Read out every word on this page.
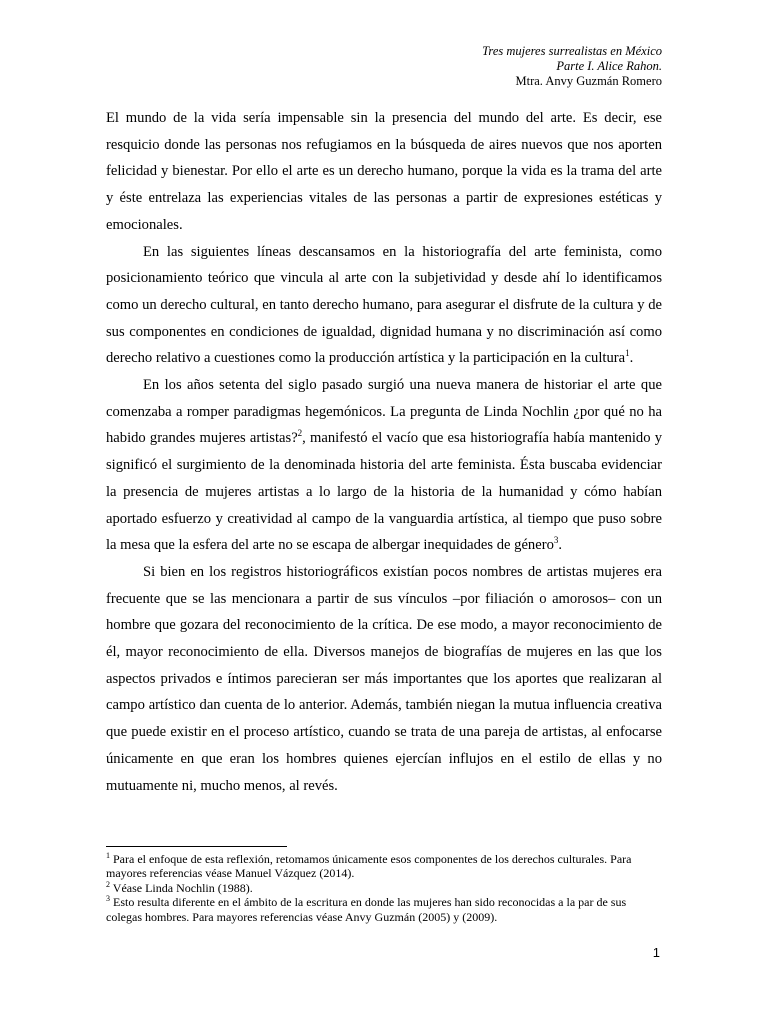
Tres mujeres surrealistas en México
Parte I. Alice Rahon.
Mtra. Anvy Guzmán Romero

El mundo de la vida sería impensable sin la presencia del mundo del arte. Es decir, ese resquicio donde las personas nos refugiamos en la búsqueda de aires nuevos que nos aporten felicidad y bienestar. Por ello el arte es un derecho humano, porque la vida es la trama del arte y éste entrelaza las experiencias vitales de las personas a partir de expresiones estéticas y emocionales.

En las siguientes líneas descansamos en la historiografía del arte feminista, como posicionamiento teórico que vincula al arte con la subjetividad y desde ahí lo identificamos como un derecho cultural, en tanto derecho humano, para asegurar el disfrute de la cultura y de sus componentes en condiciones de igualdad, dignidad humana y no discriminación así como derecho relativo a cuestiones como la producción artística y la participación en la cultura$^1$.

En los años setenta del siglo pasado surgió una nueva manera de historiar el arte que comenzaba a romper paradigmas hegemónicos. La pregunta de Linda Nochlin ¿por qué no ha habido grandes mujeres artistas?$^2$, manifestó el vacío que esa historiografía había mantenido y significó el surgimiento de la denominada historia del arte feminista. Ésta buscaba evidenciar la presencia de mujeres artistas a lo largo de la historia de la humanidad y cómo habían aportado esfuerzo y creatividad al campo de la vanguardia artística, al tiempo que puso sobre la mesa que la esfera del arte no se escapa de albergar inequidades de género$^3$.

Si bien en los registros historiográficos existían pocos nombres de artistas mujeres era frecuente que se las mencionara a partir de sus vínculos –por filiación o amorosos– con un hombre que gozara del reconocimiento de la crítica. De ese modo, a mayor reconocimiento de él, mayor reconocimiento de ella. Diversos manejos de biografías de mujeres en las que los aspectos privados e íntimos parecieran ser más importantes que los aportes que realizaran al campo artístico dan cuenta de lo anterior. Además, también niegan la mutua influencia creativa que puede existir en el proceso artístico, cuando se trata de una pareja de artistas, al enfocarse únicamente en que eran los hombres quienes ejercían influjos en el estilo de ellas y no mutuamente ni, mucho menos, al revés.

$^1$ Para el enfoque de esta reflexión, retomamos únicamente esos componentes de los derechos culturales. Para mayores referencias véase Manuel Vázquez (2014).

$^2$ Véase Linda Nochlin (1988).

$^3$ Esto resulta diferente en el ámbito de la escritura en donde las mujeres han sido reconocidas a la par de sus colegas hombres. Para mayores referencias véase Anvy Guzmán (2005) y (2009).

1
